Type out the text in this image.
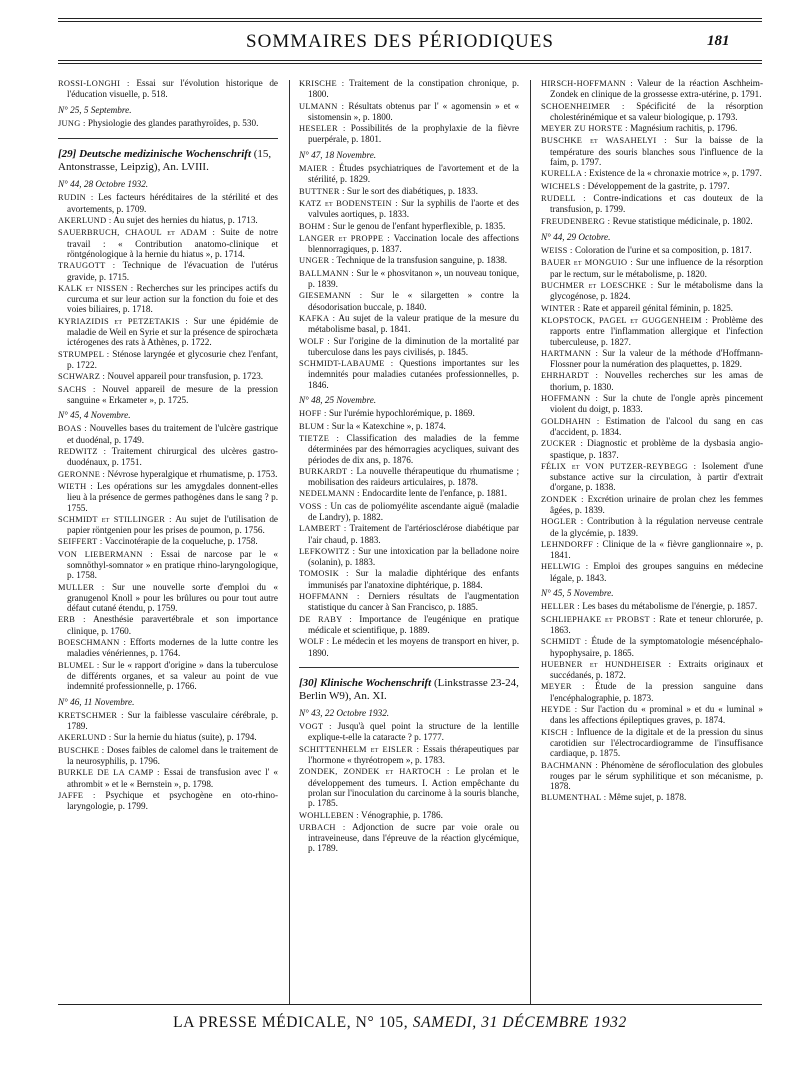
SOMMAIRES DES PÉRIODIQUES	181
ROSSI-LONGHI : Essai sur l'évolution historique de l'éducation visuelle, p. 518.
N° 25, 5 Septembre.
JUNG : Physiologie des glandes parathyroïdes, p. 530.
[29] Deutsche medizinische Wochenschrift (15, Antonstrasse, Leipzig), An. LVIII.
N° 44, 28 Octobre 1932.
RUDIN : Les facteurs héréditaires de la stérilité et des avortements, p. 1709.
AKERLUND : Au sujet des hernies du hiatus, p. 1713.
SAUERBRUCH, CHAOUL et ADAM : Suite de notre travail : « Contribution anatomo-clinique et röntgénologique à la hernie du hiatus », p. 1714.
TRAUGOTT : Technique de l'évacuation de l'utérus gravide, p. 1715.
KALK et NISSEN : Recherches sur les principes actifs du curcuma et sur leur action sur la fonction du foie et des voies biliaires, p. 1718.
KYRIAZIDIS et PETZETAKIS : Sur une épidémie de maladie de Weil en Syrie et sur la présence de spirochæta ictérogenes des rats à Athènes, p. 1722.
STRUMPEL : Sténose laryngée et glycosurie chez l'enfant, p. 1722.
SCHWARZ : Nouvel appareil pour transfusion, p. 1723.
SACHS : Nouvel appareil de mesure de la pression sanguine « Erkameter », p. 1725.
N° 45, 4 Novembre.
BOAS : Nouvelles bases du traitement de l'ulcère gastrique et duodénal, p. 1749.
REDWITZ : Traitement chirurgical des ulcères gastro-duodénaux, p. 1751.
GERONNE : Névrose hyperalgique et rhumatisme, p. 1753.
WIETH : Les opérations sur les amygdales donnent-elles lieu à la présence de germes pathogènes dans le sang ? p. 1755.
SCHMIDT et STILLINGER : Au sujet de l'utilisation de papier röntgenien pour les prises de poumon, p. 1756.
SEIFFERT : Vaccinotérapie de la coqueluche, p. 1758.
VON LIEBERMANN : Essai de narcose par le « somnöthyl-somnator » en pratique rhino-laryngologique, p. 1758.
MULLER : Sur une nouvelle sorte d'emploi du « granugenol Knoll » pour les brûlures ou pour tout autre défaut cutané étendu, p. 1759.
ERB : Anesthésie paravertébrale et son importance clinique, p. 1760.
BOESCHMANN : Efforts modernes de la lutte contre les maladies vénériennes, p. 1764.
BLUMEL : Sur le « rapport d'origine » dans la tuberculose de différents organes, et sa valeur au point de vue indemnité professionnelle, p. 1766.
N° 46, 11 Novembre.
KRETSCHMER : Sur la faiblesse vasculaire cérébrale, p. 1789.
AKERLUND : Sur la hernie du hiatus (suite), p. 1794.
BUSCHKE : Doses faibles de calomel dans le traitement de la neurosyphilis, p. 1796.
BURKLE DE LA CAMP : Essai de transfusion avec l' « athrombit » et le « Bernstein », p. 1798.
JAFFE : Psychique et psychogène en oto-rhino-laryngologie, p. 1799.
KRISCHE : Traitement de la constipation chronique, p. 1800.
ULMANN : Résultats obtenus par l' « agomensin » et « sistomensin », p. 1800.
HESELER : Possibilités de la prophylaxie de la fièvre puerpérale, p. 1801.
N° 47, 18 Novembre.
MAIER : Études psychiatriques de l'avortement et de la stérilité, p. 1829.
BUTTNER : Sur le sort des diabétiques, p. 1833.
KATZ et BODENSTEIN : Sur la syphilis de l'aorte et des valvules aortiques, p. 1833.
BOHM : Sur le genou de l'enfant hyperflexible, p. 1835.
LANGER et PROPPE : Vaccination locale des affections blennorragiques, p. 1837.
UNGER : Technique de la transfusion sanguine, p. 1838.
BALLMANN : Sur le « phosvitanon », un nouveau tonique, p. 1839.
GIESEMANN : Sur le « silargetten » contre la désodorisation buccale, p. 1840.
KAFKA : Au sujet de la valeur pratique de la mesure du métabolisme basal, p. 1841.
WOLF : Sur l'origine de la diminution de la mortalité par tuberculose dans les pays civilisés, p. 1845.
SCHMIDT-LABAUME : Questions importantes sur les indemnités pour maladies cutanées professionnelles, p. 1846.
N° 48, 25 Novembre.
HOFF : Sur l'urémie hypochlorémique, p. 1869.
BLUM : Sur la « Katexchine », p. 1874.
TIETZE : Classification des maladies de la femme déterminées par des hémorragies acycliques, suivant des périodes de dix ans, p. 1876.
BURKARDT : La nouvelle thérapeutique du rhumatisme ; mobilisation des raideurs articulaires, p. 1878.
NEDELMANN : Endocardite lente de l'enfance, p. 1881.
VOSS : Un cas de poliomyélite ascendante aiguë (maladie de Landry), p. 1882.
LAMBERT : Traitement de l'artériosclérose diabétique par l'air chaud, p. 1883.
LEFKOWITZ : Sur une intoxication par la belladone noire (solanin), p. 1883.
TOMOSIK : Sur la maladie diphtérique des enfants immunisés par l'anatoxine diphtérique, p. 1884.
HOFFMANN : Derniers résultats de l'augmentation statistique du cancer à San Francisco, p. 1885.
DE RABY : Importance de l'eugénique en pratique médicale et scientifique, p. 1889.
WOLF : Le médecin et les moyens de transport en hiver, p. 1890.
[30] Klinische Wochenschrift (Linkstrasse 23-24, Berlin W9), An. XI.
N° 43, 22 Octobre 1932.
VOGT : Jusqu'à quel point la structure de la lentille explique-t-elle la cataracte ? p. 1777.
SCHITTENHELM et EISLER : Essais thérapeutiques par l'hormone « thyréotropem », p. 1783.
ZONDEK, ZONDEK et HARTOCH : Le prolan et le développement des tumeurs. I. Action empêchante du prolan sur l'inoculation du carcinome à la souris blanche, p. 1785.
WOHLLEBEN : Vénographie, p. 1786.
URBACH : Adjonction de sucre par voie orale ou intraveineuse, dans l'épreuve de la réaction glycémique, p. 1789.
HIRSCH-HOFFMANN : Valeur de la réaction Aschheim-Zondek en clinique de la grossesse extra-utérine, p. 1791.
SCHOENHEIMER : Spécificité de la résorption cholestérinémique et sa valeur biologique, p. 1793.
MEYER ZU HORSTE : Magnésium rachitis, p. 1796.
BUSCHKE et WASAHELYI : Sur la baisse de la température des souris blanches sous l'influence de la faim, p. 1797.
KURELLA : Existence de la « chronaxie motrice », p. 1797.
WICHELS : Développement de la gastrite, p. 1797.
RUDELL : Contre-indications et cas douteux de la transfusion, p. 1799.
FREUDENBERG : Revue statistique médicinale, p. 1802.
N° 44, 29 Octobre.
WEISS : Coloration de l'urine et sa composition, p. 1817.
BAUER et MONGUIO : Sur une influence de la résorption par le rectum, sur le métabolisme, p. 1820.
BUCHMER et LOESCHKE : Sur le métabolisme dans la glycogénose, p. 1824.
WINTER : Rate et appareil génital féminin, p. 1825.
KLOPSTOCK, PAGEL et GUGGENHEIM : Problème des rapports entre l'inflammation allergique et l'infection tuberculeuse, p. 1827.
HARTMANN : Sur la valeur de la méthode d'Hoffmann-Flossner pour la numération des plaquettes, p. 1829.
EHRHARDT : Nouvelles recherches sur les amas de thorium, p. 1830.
HOFFMANN : Sur la chute de l'ongle après pincement violent du doigt, p. 1833.
GOLDHAHN : Estimation de l'alcool du sang en cas d'accident, p. 1834.
ZUCKER : Diagnostic et problème de la dysbasia angio-spastique, p. 1837.
FÉLIX et VON PUTZER-REYBEGG : Isolement d'une substance active sur la circulation, à partir d'extrait d'organe, p. 1838.
ZONDEK : Excrétion urinaire de prolan chez les femmes âgées, p. 1839.
HOGLER : Contribution à la régulation nerveuse centrale de la glycémie, p. 1839.
LEHNDORFF : Clinique de la « fièvre ganglionnaire », p. 1841.
HELLWIG : Emploi des groupes sanguins en médecine légale, p. 1843.
N° 45, 5 Novembre.
HELLER : Les bases du métabolisme de l'énergie, p. 1857.
SCHLIEPHAKE et PROBST : Rate et teneur chlorurée, p. 1863.
SCHMIDT : Étude de la symptomatologie mésencéphalo-hypophysaire, p. 1865.
HUEBNER et HUNDHEISER : Extraits originaux et succédanés, p. 1872.
MEYER : Étude de la pression sanguine dans l'encéphalographie, p. 1873.
HEYDE : Sur l'action du « prominal » et du « luminal » dans les affections épileptiques graves, p. 1874.
KISCH : Influence de la digitale et de la pression du sinus carotidien sur l'électrocardiogramme de l'insuffisance cardiaque, p. 1875.
BACHMANN : Phénomène de sérofloculation des globules rouges par le sérum syphilitique et son mécanisme, p. 1878.
BLUMENTHAL : Même sujet, p. 1878.
LA PRESSE MÉDICALE, N° 105, SAMEDI, 31 DÉCEMBRE 1932
